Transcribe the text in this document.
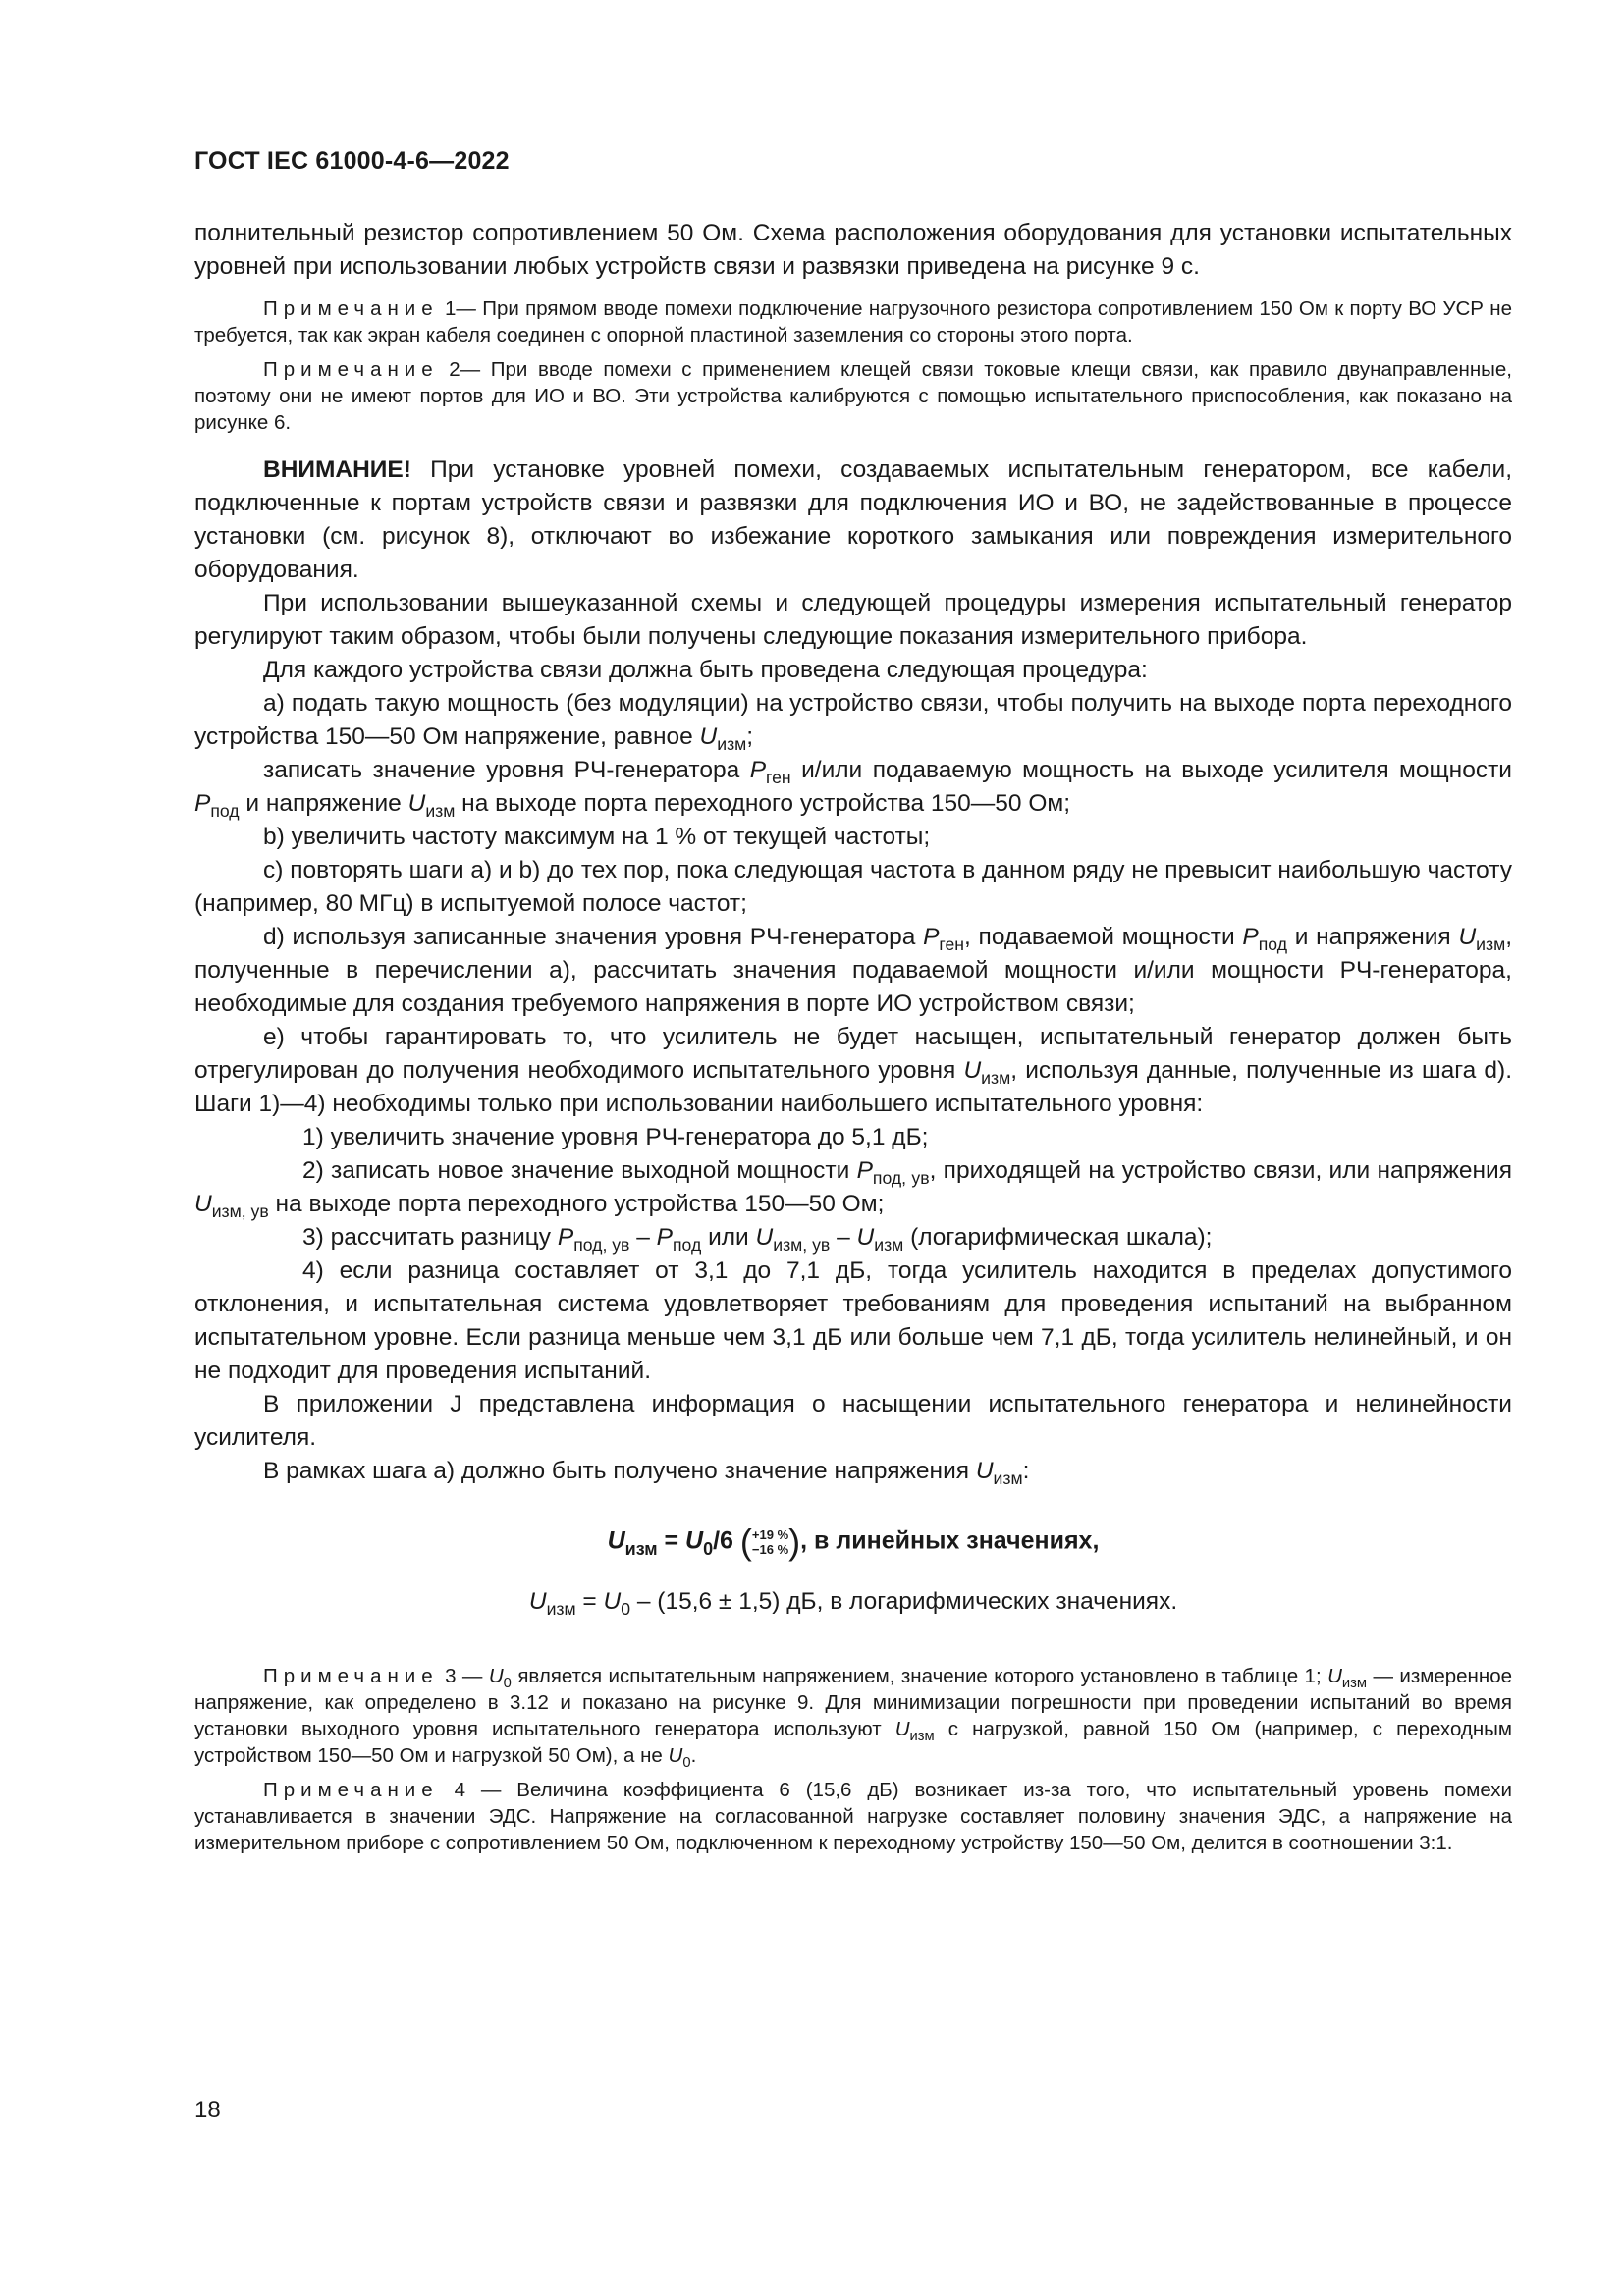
ГОСТ IEC 61000-4-6—2022

полнительный резистор сопротивлением 50 Ом. Схема расположения оборудования для установки испытательных уровней при использовании любых устройств связи и развязки приведена на рисунке 9 с.

Примечание 1— При прямом вводе помехи подключение нагрузочного резистора сопротивлением 150 Ом к порту ВО УСР не требуется, так как экран кабеля соединен с опорной пластиной заземления со стороны этого порта.

Примечание 2— При вводе помехи с применением клещей связи токовые клещи связи, как правило двунаправленные, поэтому они не имеют портов для ИО и ВО. Эти устройства калибруются с помощью испытательного приспособления, как показано на рисунке 6.

ВНИМАНИЕ! При установке уровней помехи, создаваемых испытательным генератором, все кабели, подключенные к портам устройств связи и развязки для подключения ИО и ВО, не задействованные в процессе установки (см. рисунок 8), отключают во избежание короткого замыкания или повреждения измерительного оборудования.

При использовании вышеуказанной схемы и следующей процедуры измерения испытательный генератор регулируют таким образом, чтобы были получены следующие показания измерительного прибора.

Для каждого устройства связи должна быть проведена следующая процедура:

a) подать такую мощность (без модуляции) на устройство связи, чтобы получить на выходе порта переходного устройства 150—50 Ом напряжение, равное $U_{изм}$;

записать значение уровня РЧ-генератора $P_{ген}$ и/или подаваемую мощность на выходе усилителя мощности $P_{под}$ и напряжение $U_{изм}$ на выходе порта переходного устройства 150—50 Ом;

b) увеличить частоту максимум на 1 % от текущей частоты;

c) повторять шаги a) и b) до тех пор, пока следующая частота в данном ряду не превысит наибольшую частоту (например, 80 МГц) в испытуемой полосе частот;

d) используя записанные значения уровня РЧ-генератора $P_{ген}$, подаваемой мощности $P_{под}$ и напряжения $U_{изм}$, полученные в перечислении a), рассчитать значения подаваемой мощности и/или мощности РЧ-генератора, необходимые для создания требуемого напряжения в порте ИО устройством связи;

e) чтобы гарантировать то, что усилитель не будет насыщен, испытательный генератор должен быть отрегулирован до получения необходимого испытательного уровня $U_{изм}$, используя данные, полученные из шага d). Шаги 1)—4) необходимы только при использовании наибольшего испытательного уровня:

1) увеличить значение уровня РЧ-генератора до 5,1 дБ;

2) записать новое значение выходной мощности $P_{под, ув}$, приходящей на устройство связи, или напряжения $U_{изм, ув}$ на выходе порта переходного устройства 150—50 Ом;

3) рассчитать разницу $P_{под, ув} - P_{под}$ или $U_{изм, ув} - U_{изм}$ (логарифмическая шкала);

4) если разница составляет от 3,1 до 7,1 дБ, тогда усилитель находится в пределах допустимого отклонения, и испытательная система удовлетворяет требованиям для проведения испытаний на выбранном испытательном уровне. Если разница меньше чем 3,1 дБ или больше чем 7,1 дБ, тогда усилитель нелинейный, и он не подходит для проведения испытаний.

В приложении J представлена информация о насыщении испытательного генератора и нелинейности усилителя.

В рамках шага a) должно быть получено значение напряжения $U_{изм}$:

$U_{изм} = U_0/6$ (+19 %
−16 %), в линейных значениях,
$U_{изм} = U_0 - (15,6 \pm 1,5)$ дБ, в логарифмических значениях.

Примечание 3 — $U_0$ является испытательным напряжением, значение которого установлено в таблице 1; $U_{изм}$ — измеренное напряжение, как определено в 3.12 и показано на рисунке 9. Для минимизации погрешности при проведении испытаний во время установки выходного уровня испытательного генератора используют $U_{изм}$ с нагрузкой, равной 150 Ом (например, с переходным устройством 150—50 Ом и нагрузкой 50 Ом), а не $U_0$.

Примечание 4 — Величина коэффициента 6 (15,6 дБ) возникает из-за того, что испытательный уровень помехи устанавливается в значении ЭДС. Напряжение на согласованной нагрузке составляет половину значения ЭДС, а напряжение на измерительном приборе с сопротивлением 50 Ом, подключенном к переходному устройству 150—50 Ом, делится в соотношении 3:1.

18
